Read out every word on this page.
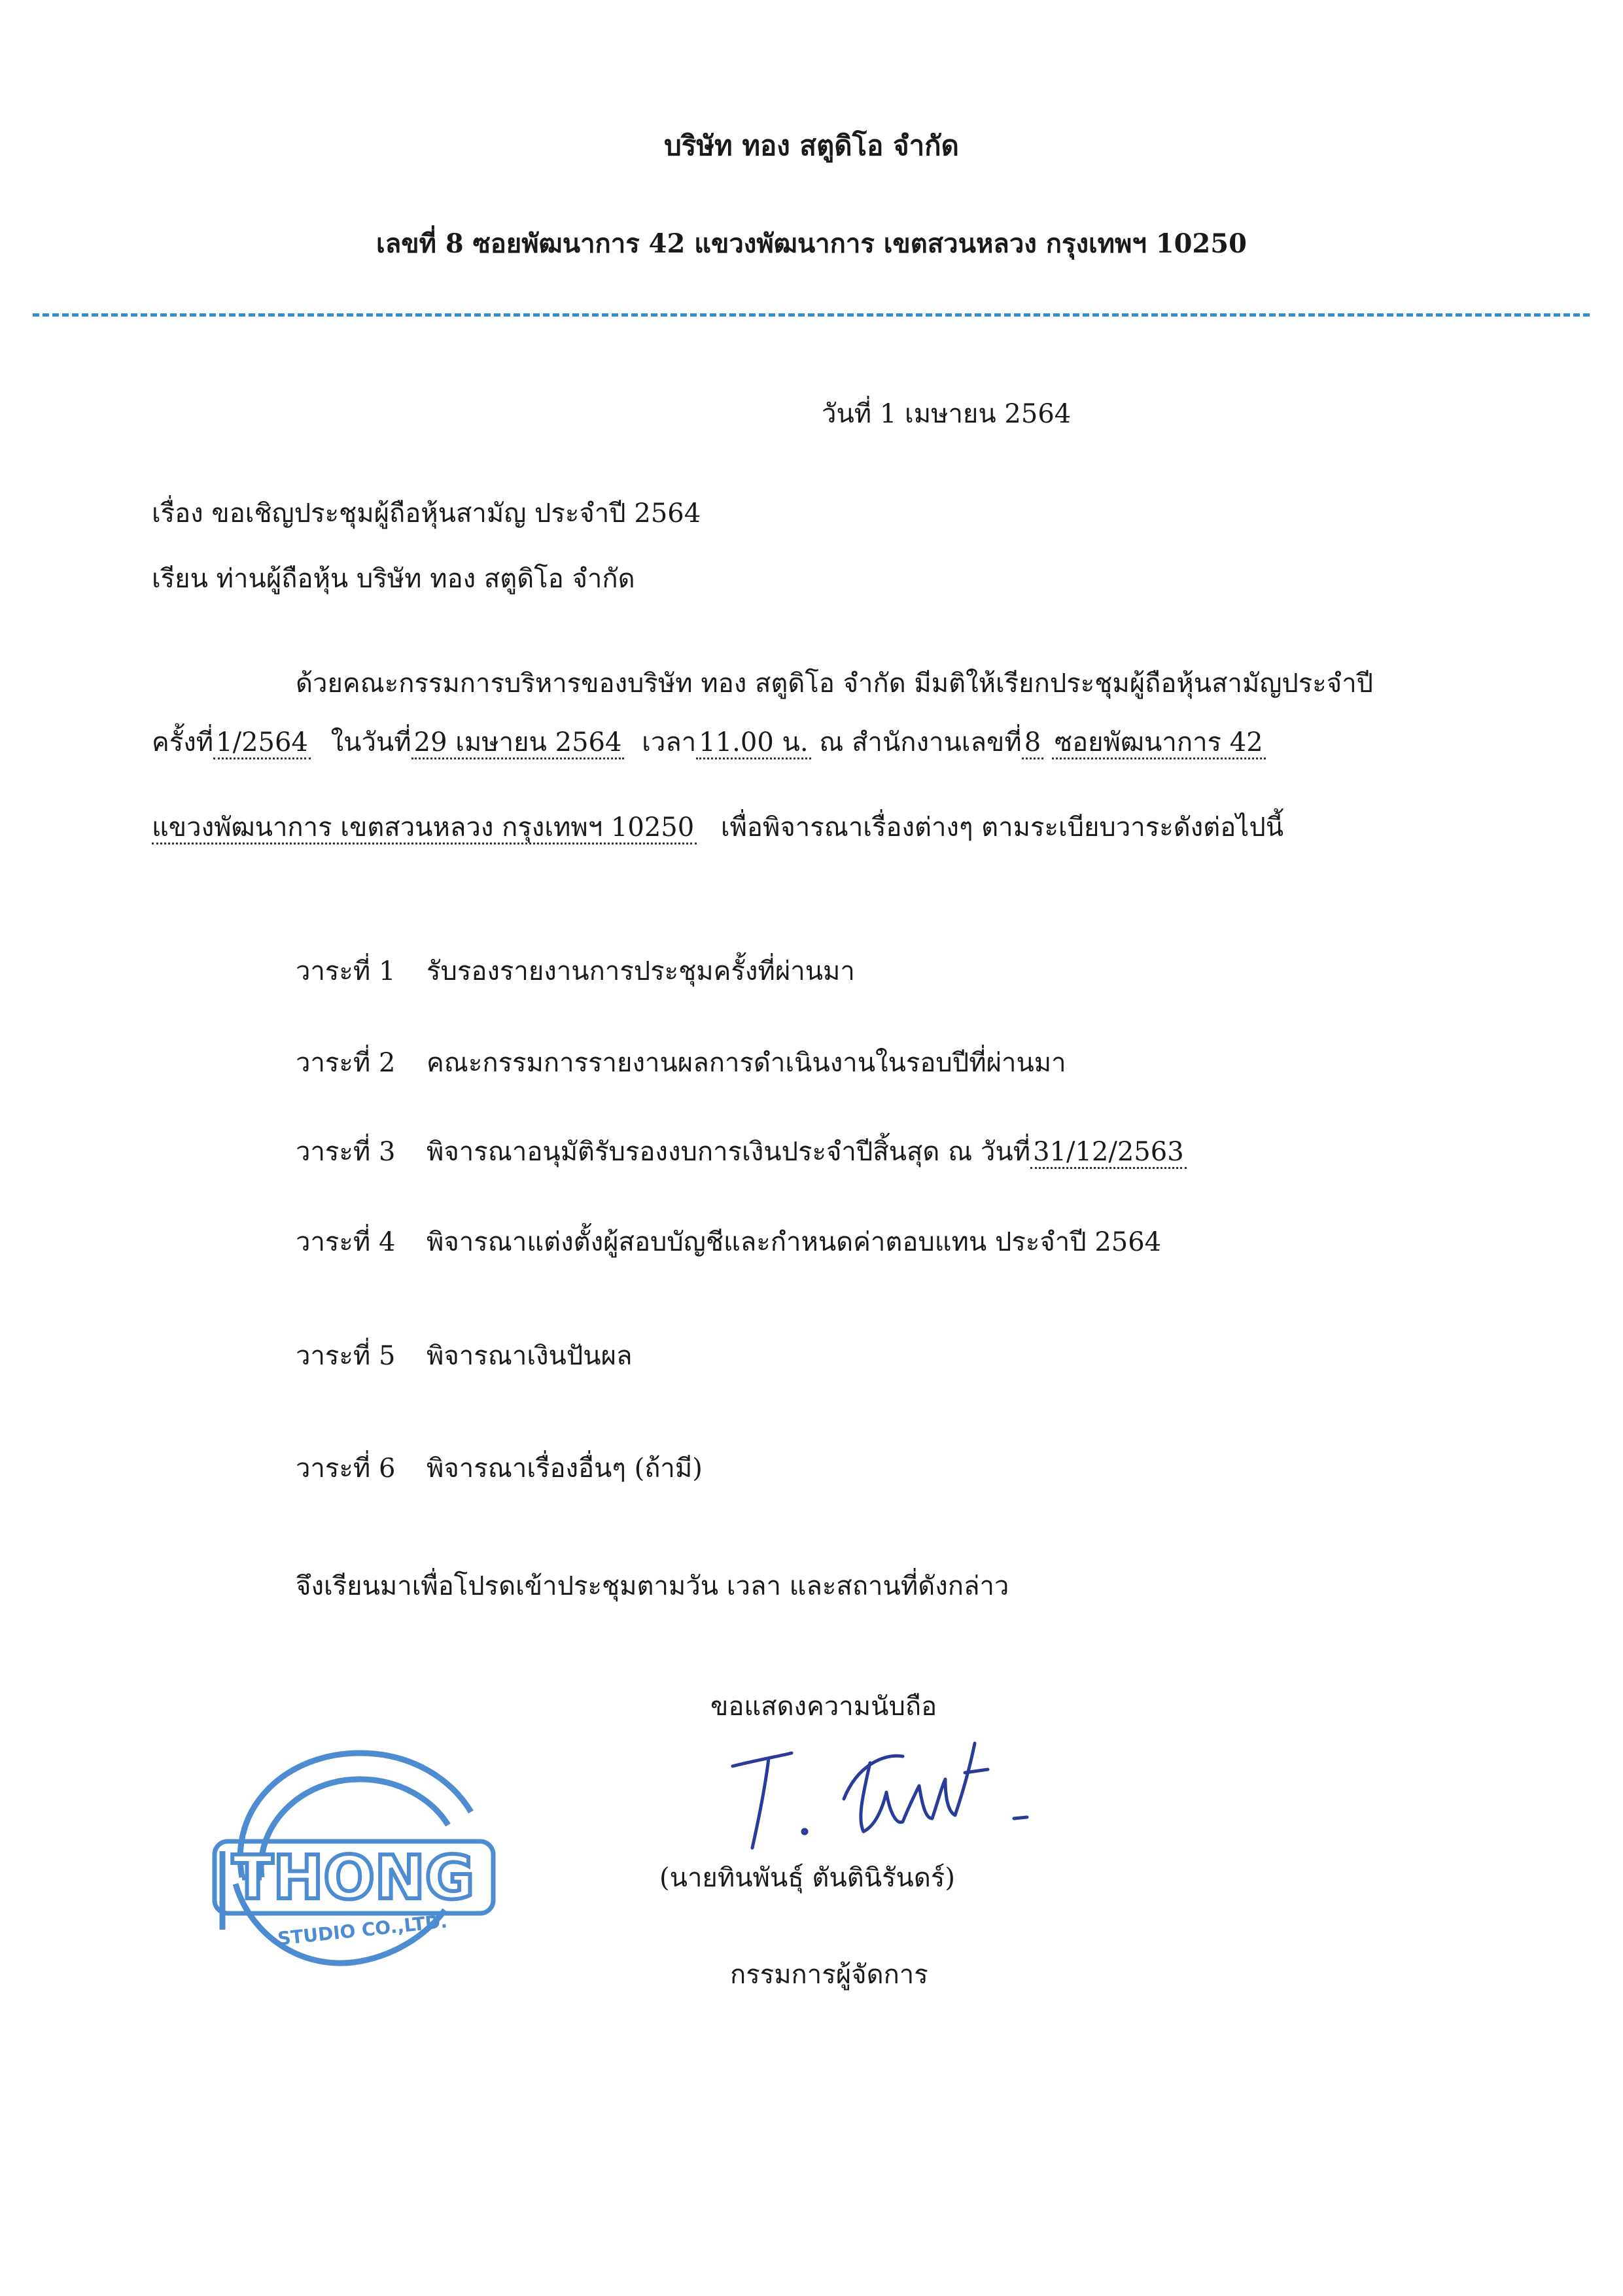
บริษัท ทอง สตูดิโอ จำกัด
เลขที่ 8 ซอยพัฒนาการ 42 แขวงพัฒนาการ เขตสวนหลวง กรุงเทพฯ 10250
วันที่ 1 เมษายน 2564
เรื่อง ขอเชิญประชุมผู้ถือหุ้นสามัญ ประจำปี 2564
เรียน ท่านผู้ถือหุ้น บริษัท ทอง สตูดิโอ จำกัด
ด้วยคณะกรรมการบริหารของบริษัท ทอง สตูดิโอ จำกัด มีมติให้เรียกประชุมผู้ถือหุ้นสามัญประจำปี
ครั้งที่ 1/2564 ในวันที่ 29 เมษายน 2564 เวลา 11.00 น. ณ สำนักงานเลขที่ 8 ซอยพัฒนาการ 42
แขวงพัฒนาการ เขตสวนหลวง กรุงเทพฯ 10250 เพื่อพิจารณาเรื่องต่างๆ ตามระเบียบวาระดังต่อไปนี้
วาระที่ 1 รับรองรายงานการประชุมครั้งที่ผ่านมา
วาระที่ 2 คณะกรรมการรายงานผลการดำเนินงานในรอบปีที่ผ่านมา
วาระที่ 3 พิจารณาอนุมัติรับรองงบการเงินประจำปีสิ้นสุด ณ วันที่ 31/12/2563
วาระที่ 4 พิจารณาแต่งตั้งผู้สอบบัญชีและกำหนดค่าตอบแทน ประจำปี 2564
วาระที่ 5 พิจารณาเงินปันผล
วาระที่ 6 พิจารณาเรื่องอื่นๆ (ถ้ามี)
จึงเรียนมาเพื่อโปรดเข้าประชุมตามวัน เวลา และสถานที่ดังกล่าว
ขอแสดงความนับถือ
(นายทินพันธุ์ ตันตินิรันดร์)
กรรมการผู้จัดการ
THONG
STUDIO CO.,LTD.
